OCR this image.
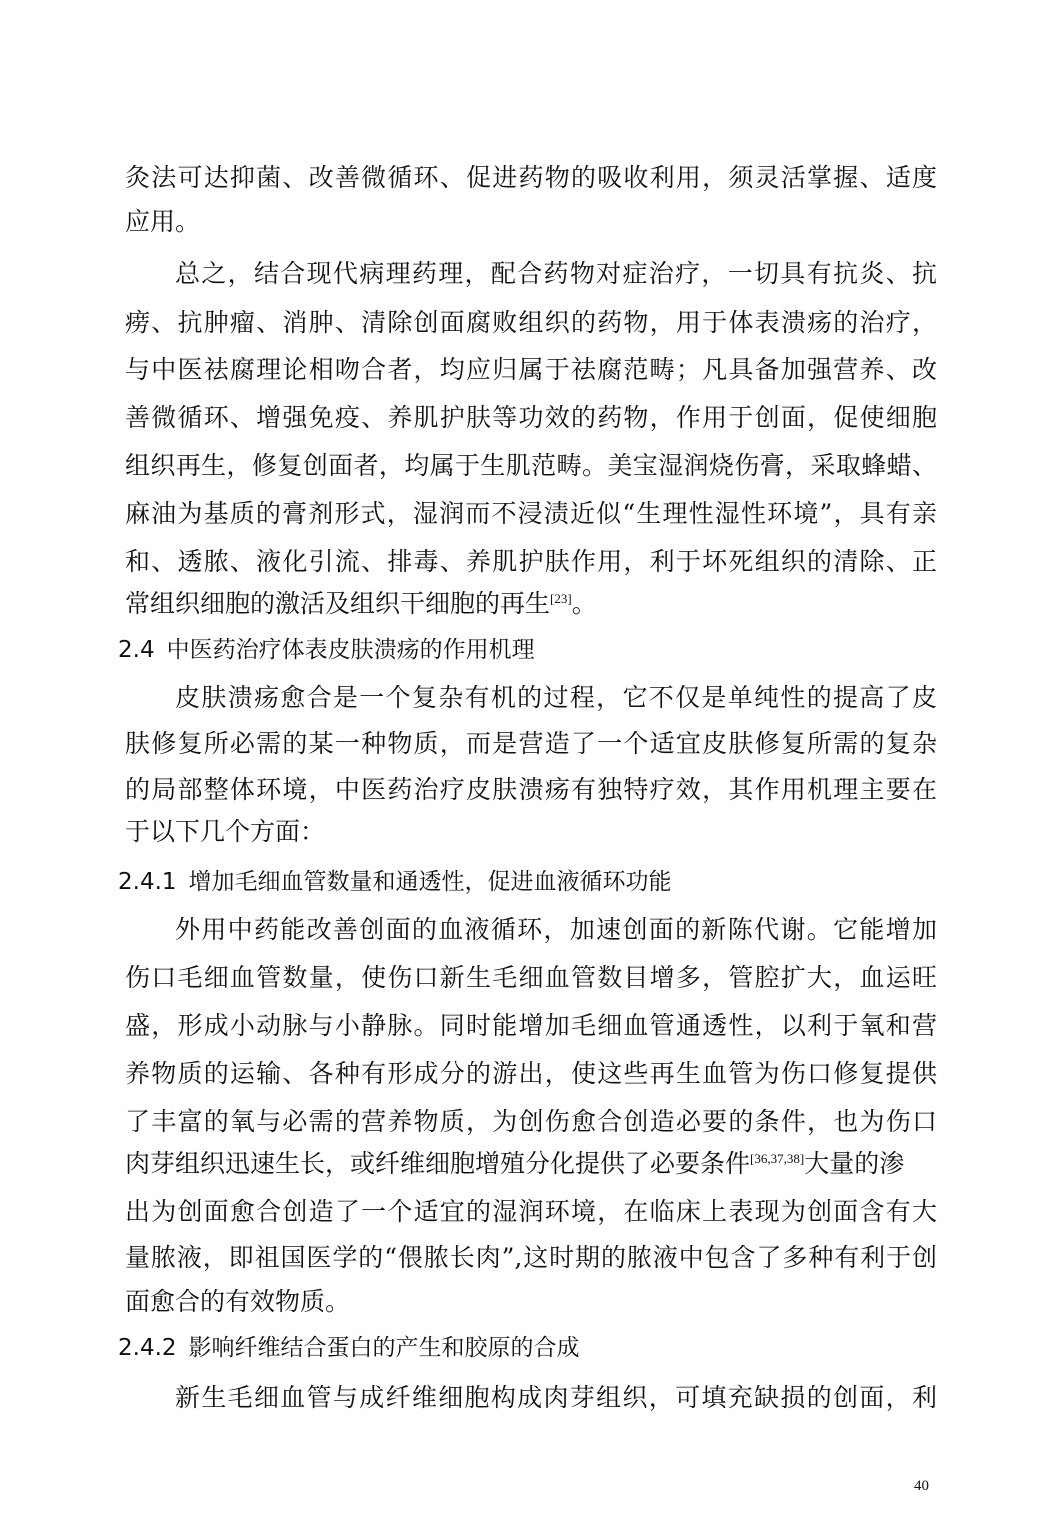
灸法可达抑菌、改善微循环、促进药物的吸收利用，须灵活掌握、适度
应用。
总之，结合现代病理药理，配合药物对症治疗，一切具有抗炎、抗
痨、抗肿瘤、消肿、清除创面腐败组织的药物，用于体表溃疡的治疗，
与中医祛腐理论相吻合者，均应归属于祛腐范畴；凡具备加强营养、改
善微循环、增强免疫、养肌护肤等功效的药物，作用于创面，促使细胞
组织再生，修复创面者，均属于生肌范畴。美宝湿润烧伤膏，采取蜂蜡、
麻油为基质的膏剂形式，湿润而不浸渍近似“生理性湿性环境”，具有亲
和、透脓、液化引流、排毒、养肌护肤作用，利于坏死组织的清除、正
常组织细胞的激活及组织干细胞的再生[23]。
2.4 中医药治疗体表皮肤溃疡的作用机理
皮肤溃疡愈合是一个复杂有机的过程，它不仅是单纯性的提高了皮
肤修复所必需的某一种物质，而是营造了一个适宜皮肤修复所需的复杂
的局部整体环境，中医药治疗皮肤溃疡有独特疗效，其作用机理主要在
于以下几个方面：
2.4.1 增加毛细血管数量和通透性，促进血液循环功能
外用中药能改善创面的血液循环，加速创面的新陈代谢。它能增加
伤口毛细血管数量，使伤口新生毛细血管数目增多，管腔扩大，血运旺
盛，形成小动脉与小静脉。同时能增加毛细血管通透性，以利于氧和营
养物质的运输、各种有形成分的游出，使这些再生血管为伤口修复提供
了丰富的氧与必需的营养物质，为创伤愈合创造必要的条件，也为伤口
肉芽组织迅速生长，或纤维细胞增殖分化提供了必要条件[36,37,38]大量的渗
出为创面愈合创造了一个适宜的湿润环境，在临床上表现为创面含有大
量脓液，即祖国医学的“偎脓长肉”,这时期的脓液中包含了多种有利于创
面愈合的有效物质。
2.4.2 影响纤维结合蛋白的产生和胶原的合成
新生毛细血管与成纤维细胞构成肉芽组织，可填充缺损的创面，利
40
